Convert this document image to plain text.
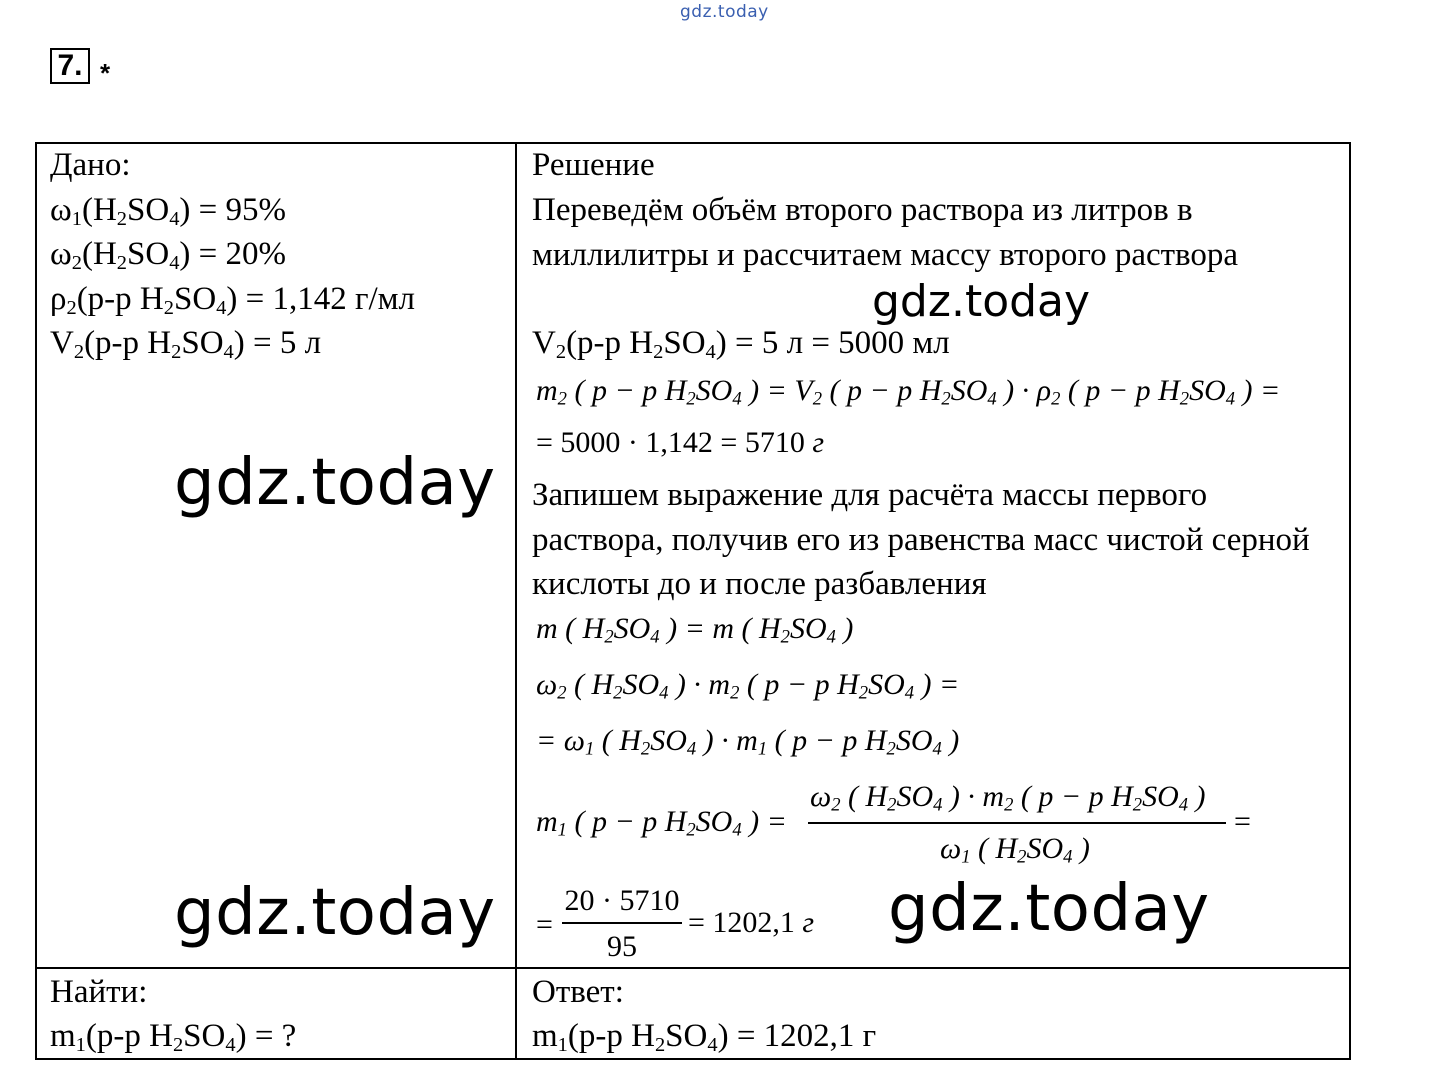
gdz.today
7. *
Дано:
$\omega_1(H_2SO_4) = 95\%$
$\omega_2(H_2SO_4) = 20\%$
$\rho_2(р-р$ $H_2SO_4) = 1,142$ г/мл
$V_2(р-р$ $H_2SO_4) = 5$ л
Решение
Переведём объём второго раствора из литров в миллилитры и рассчитаем массу второго раствора
$V_2(р-р$ $H_2SO_4) = 5$ л = 5000 мл
$m_2$ ( p − p $H_2SO_4$ ) = $V_2$ ( p − p $H_2SO_4$ ) · $\rho_2$ ( p − p $H_2SO_4$ ) =
= 5000 · 1,142 = 5710 г
Запишем выражение для расчёта массы первого раствора, получив его из равенства масс чистой серной кислоты до и после разбавления
m ( $H_2SO_4$ ) = m ( $H_2SO_4$ )
$\omega_2$ ( $H_2SO_4$ ) · $m_2$ ( p − p $H_2SO_4$ ) =
= $\omega_1$ ( $H_2SO_4$ ) · $m_1$ ( p − p $H_2SO_4$ )
$m_1$ ( p − p $H_2SO_4$ ) =
$\omega_2$ ( $H_2SO_4$ ) · $m_2$ ( p − p $H_2SO_4$ )
$\omega_1$ ( $H_2SO_4$ )
=
=
20 · 5710
95
= 1202,1 г
Найти:
$m_1(р-р$ $H_2SO_4$) = ?
Ответ:
$m_1(р-р$ $H_2SO_4) = 1202,1$ г
gdz.today
gdz.today
gdz.today	gdz.today
